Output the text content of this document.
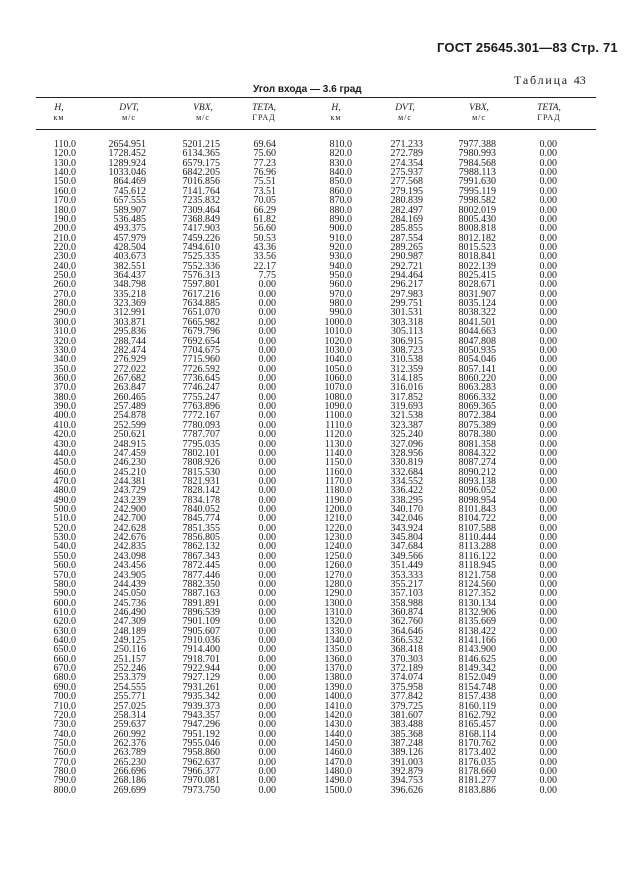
ГОСТ 25645.301—83 Стр. 71
Таблица 43
Угол входа — 3.6 град
H,
км
DVT,
м/с
VBX,
м/с
TETA,
ГРАД
H,
км
DVT,
м/с
VBX,
м/с
TETA,
ГРАД
110.0
120.0
130.0
140.0
150.0
160.0
170.0
180.0
190.0
200.0
210.0
220.0
230.0
240.0
250.0
260.0
270.0
280.0
290.0
300.0
310.0
320.0
330.0
340.0
350.0
360.0
370.0
380.0
390.0
400.0
410.0
420.0
430.0
440.0
450.0
460.0
470.0
480.0
490.0
500.0
510.0
520.0
530.0
540.0
550.0
560.0
570.0
580.0
590.0
600.0
610.0
620.0
630.0
640.0
650.0
660.0
670.0
680.0
690.0
700.0
710.0
720.0
730.0
740.0
750.0
760.0
770.0
780.0
790.0
800.0
2654.951
1728.452
1289.924
1033.046
864.469
745.612
657.555
589.907
536.485
493.375
457.979
428.504
403.673
382.551
364.437
348.798
335.218
323.369
312.991
303.871
295.836
288.744
282.474
276.929
272.022
267.682
263.847
260.465
257.489
254.878
252.599
250.621
248.915
247.459
246.230
245.210
244.381
243.729
243.239
242.900
242.700
242.628
242.676
242.835
243.098
243.456
243.905
244.439
245.050
245.736
246.490
247.309
248.189
249.125
250.116
251.157
252.246
253.379
254.555
255.771
257.025
258.314
259.637
260.992
262.376
263.789
265.230
266.696
268.186
269.699
5201.215
6134.365
6579.175
6842.205
7016.856
7141.764
7235.832
7309.464
7368.849
7417.903
7459.226
7494.610
7525.335
7552.336
7576.313
7597.801
7617.216
7634.885
7651.070
7665.982
7679.796
7692.654
7704.675
7715.960
7726.592
7736.645
7746.247
7755.247
7763.896
7772.167
7780.093
7787.707
7795.035
7802.101
7808.926
7815.530
7821.931
7828.142
7834.178
7840.052
7845.774
7851.355
7856.805
7862.132
7867.343
7872.445
7877.446
7882.350
7887.163
7891.891
7896.539
7901.109
7905.607
7910.036
7914.400
7918.701
7922.944
7927.129
7931.261
7935.342
7939.373
7943.357
7947.296
7951.192
7955.046
7958.860
7962.637
7966.377
7970.081
7973.750
69.64
75.60
77.23
76.96
75.51
73.51
70.05
66.29
61.82
56.60
50.53
43.36
33.56
22.17
7.75
0.00
0.00
0.00
0.00
0.00
0.00
0.00
0.00
0.00
0.00
0.00
0.00
0.00
0.00
0.00
0.00
0.00
0.00
0.00
0.00
0.00
0.00
0.00
0.00
0.00
0.00
0.00
0.00
0.00
0.00
0.00
0.00
0.00
0.00
0.00
0.00
0.00
0.00
0.00
0.00
0.00
0.00
0.00
0.00
0.00
0.00
0.00
0.00
0.00
0.00
0.00
0.00
0.00
0.00
0.00
810.0
820.0
830.0
840.0
850.0
860.0
870.0
880.0
890.0
900.0
910.0
920.0
930.0
940.0
950.0
960.0
970.0
980.0
990.0
1000.0
1010.0
1020.0
1030.0
1040.0
1050.0
1060.0
1070.0
1080.0
1090.0
1100.0
1110.0
1120.0
1130.0
1140.0
1150.0
1160.0
1170.0
1180.0
1190.0
1200.0
1210.0
1220.0
1230.0
1240.0
1250.0
1260.0
1270.0
1280.0
1290.0
1300.0
1310.0
1320.0
1330.0
1340.0
1350.0
1360.0
1370.0
1380.0
1390.0
1400.0
1410.0
1420.0
1430.0
1440.0
1450.0
1460.0
1470.0
1480.0
1490.0
1500.0
271.233
272.789
274.354
275.937
277.568
279.195
280.839
282.497
284.169
285.855
287.554
289.265
290.987
292.721
294.464
296.217
297.983
299.751
301.531
303.318
305.113
306.915
308.723
310.538
312.359
314.185
316.016
317.852
319.693
321.538
323.387
325.240
327.096
328.956
330.819
332.684
334.552
336.422
338.295
340.170
342.046
343.924
345.804
347.684
349.566
351.449
353.333
355.217
357.103
358.988
360.874
362.760
364.646
366.532
368.418
370.303
372.189
374.074
375.958
377.842
379.725
381.607
383.488
385.368
387.248
389.126
391.003
392.879
394.753
396.626
7977.388
7980.993
7984.568
7988.113
7991.630
7995.119
7998.582
8002.019
8005.430
8008.818
8012.182
8015.523
8018.841
8022.139
8025.415
8028.671
8031.907
8035.124
8038.322
8041.501
8044.663
8047.808
8050.935
8054.046
8057.141
8060.220
8063.283
8066.332
8069.365
8072.384
8075.389
8078.380
8081.358
8084.322
8087.274
8090.212
8093.138
8096.052
8098.954
8101.843
8104.722
8107.588
8110.444
8113.288
8116.122
8118.945
8121.758
8124.560
8127.352
8130.134
8132.906
8135.669
8138.422
8141.166
8143.900
8146.625
8149.342
8152.049
8154.748
8157.438
8160.119
8162.792
8165.457
8168.114
8170.762
8173.402
8176.035
8178.660
8181.277
8183.886
0.00
0.00
0.00
0.00
0.00
0.00
0.00
0.00
0.00
0.00
0.00
0.00
0.00
0.00
0.00
0.00
0.00
0.00
0.00
0.00
0.00
0.00
0.00
0.00
0.00
0.00
0.00
0.00
0.00
0.00
0.00
0.00
0.00
0.00
0.00
0.00
0.00
0.00
0.00
0.00
0.00
0.00
0.00
0.00
0.00
0.00
0.00
0.00
0.00
0.00
0.00
0.00
0.00
0.00
0.00
0.00
0.00
0.00
0.00
0.00
0.00
0.00
0.00
0.00
0.00
0.00
0.00
0.00
0.00
0.00
